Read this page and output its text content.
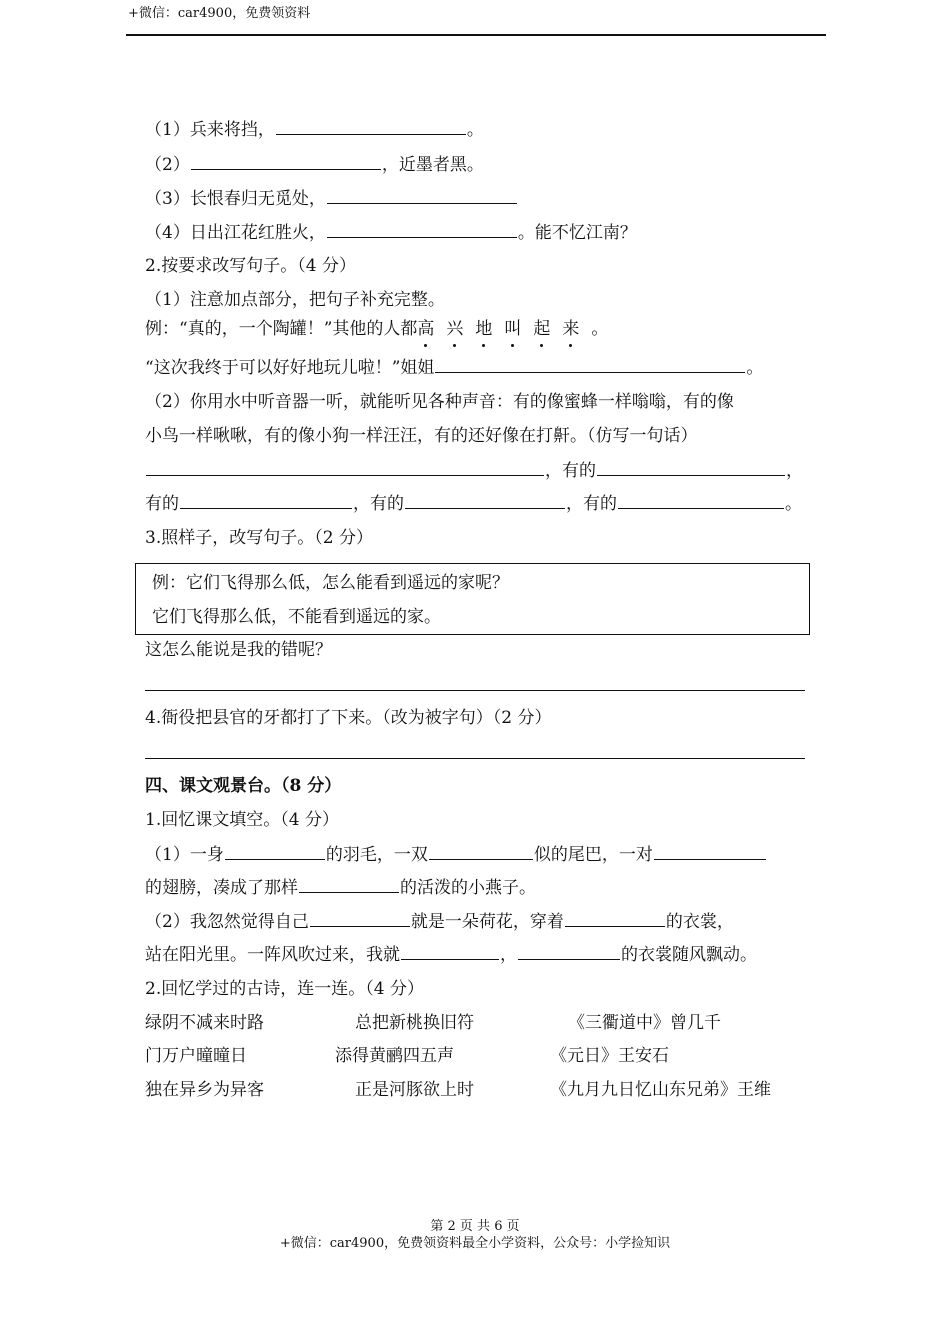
+微信：car4900，免费领资料
（1）兵来将挡，	。
（2）	，近墨者黑。
（3）长恨春归无觅处，
（4）日出江花红胜火，	。能不忆江南？
2.按要求改写句子。（4 分）
（1）注意加点部分，把句子补充完整。
例：“真的，一个陶罐！”其他的人都高 兴 地 叫 起 来 。
“这次我终于可以好好地玩儿啦！”姐姐	。
（2）你用水中听音器一听，就能听见各种声音：有的像蜜蜂一样嗡嗡，有的像
小鸟一样啾啾，有的像小狗一样汪汪，有的还好像在打鼾。（仿写一句话）
，有的	，
有的	，有的	，有的	。
3.照样子，改写句子。（2 分）
例：它们飞得那么低，怎么能看到遥远的家呢？
它们飞得那么低，不能看到遥远的家。
这怎么能说是我的错呢？
4.衙役把县官的牙都打了下来。（改为被字句）（2 分）
四、课文观景台。（8 分）
1.回忆课文填空。（4 分）
（1）一身	的羽毛，一双	似的尾巴，一对
的翅膀，凑成了那样	的活泼的小燕子。
（2）我忽然觉得自己	就是一朵荷花，穿着	的衣裳，
站在阳光里。一阵风吹过来，我就	，	的衣裳随风飘动。
2.回忆学过的古诗，连一连。（4 分）
绿阴不减来时路	总把新桃换旧符	《三衢道中》曾几千
门万户曈曈日	添得黄鹂四五声	《元日》王安石
独在异乡为异客	正是河豚欲上时	《九月九日忆山东兄弟》王维
第 2 页 共 6 页
+微信：car4900，免费领资料最全小学资料，公众号：小学捡知识
